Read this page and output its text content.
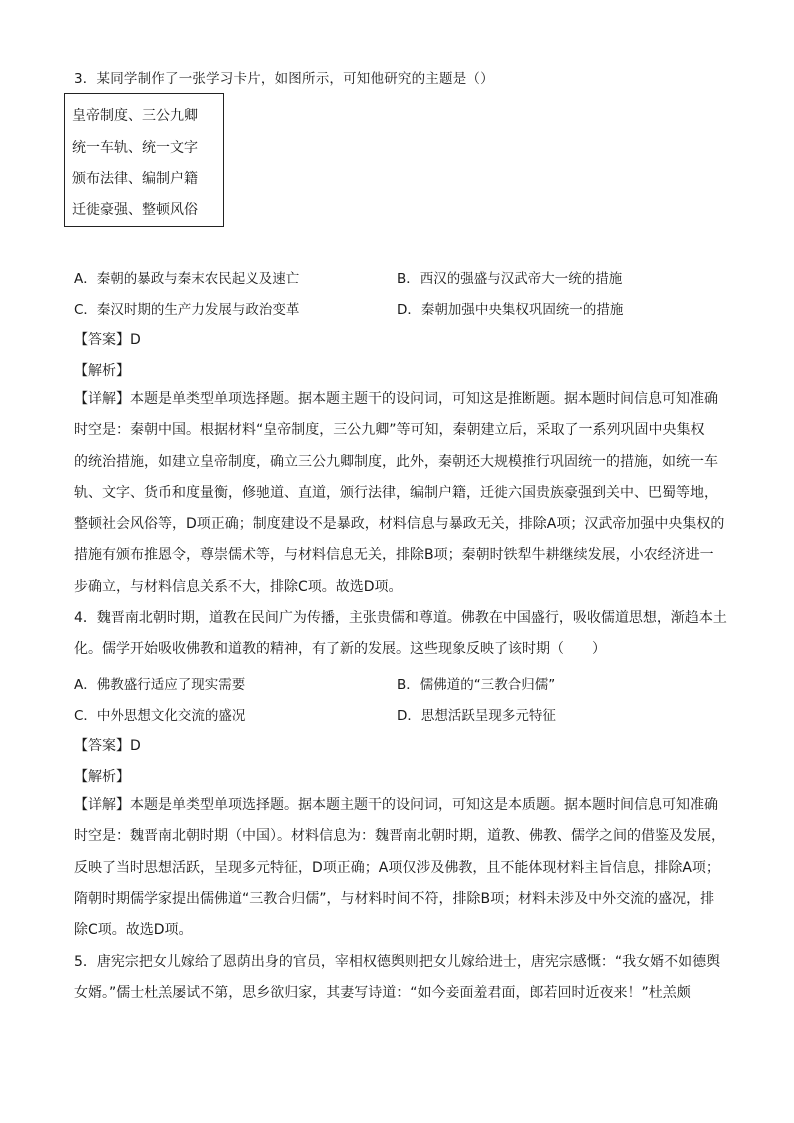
3．某同学制作了一张学习卡片，如图所示，可知他研究的主题是（）
皇帝制度、三公九卿
统一车轨、统一文字
颁布法律、编制户籍
迁徙豪强、整顿风俗
A．秦朝的暴政与秦末农民起义及速亡	B．西汉的强盛与汉武帝大一统的措施
C．秦汉时期的生产力发展与政治变革	D．秦朝加强中央集权巩固统一的措施
【答案】D
【解析】
【详解】本题是单类型单项选择题。据本题主题干的设问词，可知这是推断题。据本题时间信息可知准确
时空是：秦朝中国。根据材料“皇帝制度，三公九卿”等可知，秦朝建立后，采取了一系列巩固中央集权
的统治措施，如建立皇帝制度，确立三公九卿制度，此外，秦朝还大规模推行巩固统一的措施，如统一车
轨、文字、货币和度量衡，修驰道、直道，颁行法律，编制户籍，迁徙六国贵族豪强到关中、巴蜀等地，
整顿社会风俗等，D项正确；制度建设不是暴政，材料信息与暴政无关，排除A项；汉武帝加强中央集权的
措施有颁布推恩令，尊崇儒术等，与材料信息无关，排除B项；秦朝时铁犁牛耕继续发展，小农经济进一
步确立，与材料信息关系不大，排除C项。故选D项。
4．魏晋南北朝时期，道教在民间广为传播，主张贵儒和尊道。佛教在中国盛行，吸收儒道思想，渐趋本土
化。儒学开始吸收佛教和道教的精神，有了新的发展。这些现象反映了该时期（　　）
A．佛教盛行适应了现实需要	B．儒佛道的“三教合归儒”
C．中外思想文化交流的盛况	D．思想活跃呈现多元特征
【答案】D
【解析】
【详解】本题是单类型单项选择题。据本题主题干的设问词，可知这是本质题。据本题时间信息可知准确
时空是：魏晋南北朝时期（中国）。材料信息为：魏晋南北朝时期，道教、佛教、儒学之间的借鉴及发展，
反映了当时思想活跃，呈现多元特征，D项正确；A项仅涉及佛教，且不能体现材料主旨信息，排除A项；
隋朝时期儒学家提出儒佛道“三教合归儒”，与材料时间不符，排除B项；材料未涉及中外交流的盛况，排
除C项。故选D项。
5．唐宪宗把女儿嫁给了恩荫出身的官员，宰相权德舆则把女儿嫁给进士，唐宪宗感慨：“我女婿不如德舆
女婿。”儒士杜羔屡试不第，思乡欲归家，其妻写诗道：“如今妾面羞君面，郎若回时近夜来！”杜羔颇
